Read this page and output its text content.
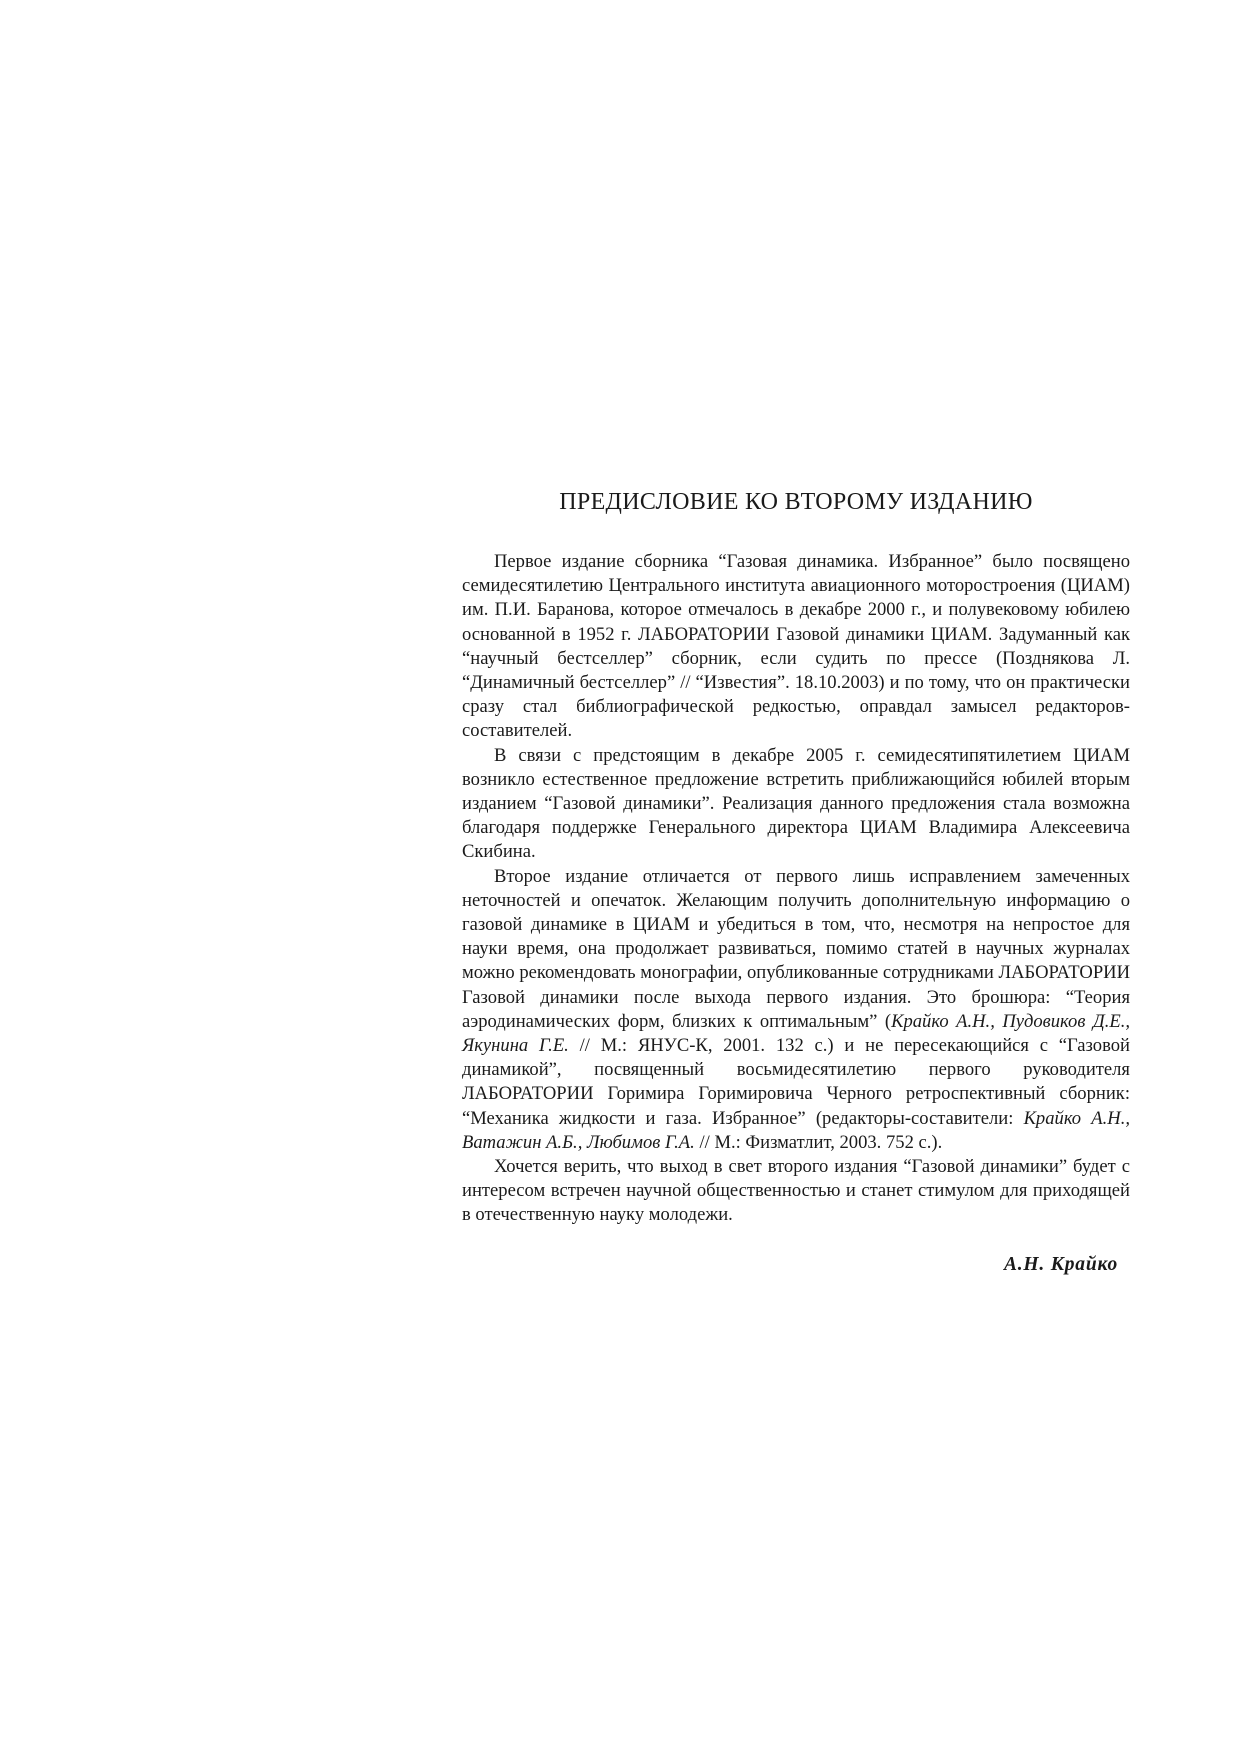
ПРЕДИСЛОВИЕ КО ВТОРОМУ ИЗДАНИЮ

Первое издание сборника “Газовая динамика. Избранное” было посвящено семидесятилетию Центрального института авиационного моторостроения (ЦИАМ) им. П.И. Баранова, которое отмечалось в декабре 2000 г., и полувековому юбилею основанной в 1952 г. ЛАБОРАТОРИИ Газовой динамики ЦИАМ. Задуманный как “научный бестселлер” сборник, если судить по прессе (Позднякова Л. “Динамичный бестселлер” // “Известия”. 18.10.2003) и по тому, что он практически сразу стал библиографической редкостью, оправдал замысел редакторов-составителей.

В связи с предстоящим в декабре 2005 г. семидесятипятилетием ЦИАМ возникло естественное предложение встретить приближающийся юбилей вторым изданием “Газовой динамики”. Реализация данного предложения стала возможна благодаря поддержке Генерального директора ЦИАМ Владимира Алексеевича Скибина.

Второе издание отличается от первого лишь исправлением замеченных неточностей и опечаток. Желающим получить дополнительную информацию о газовой динамике в ЦИАМ и убедиться в том, что, несмотря на непростое для науки время, она продолжает развиваться, помимо статей в научных журналах можно рекомендовать монографии, опубликованные сотрудниками ЛАБОРАТОРИИ Газовой динамики после выхода первого издания. Это брошюра: “Теория аэродинамических форм, близких к оптимальным” (Крайко А.Н., Пудовиков Д.Е., Якунина Г.Е. // М.: ЯНУС-К, 2001. 132 с.) и не пересекающийся с “Газовой динамикой”, посвященный восьмидесятилетию первого руководителя ЛАБОРАТОРИИ Горимира Горимировича Черного ретроспективный сборник: “Механика жидкости и газа. Избранное” (редакторы-составители: Крайко А.Н., Ватажин А.Б., Любимов Г.А. // М.: Физматлит, 2003. 752 с.).

Хочется верить, что выход в свет второго издания “Газовой динамики” будет с интересом встречен научной общественностью и станет стимулом для приходящей в отечественную науку молодежи.

А.Н. Крайко
